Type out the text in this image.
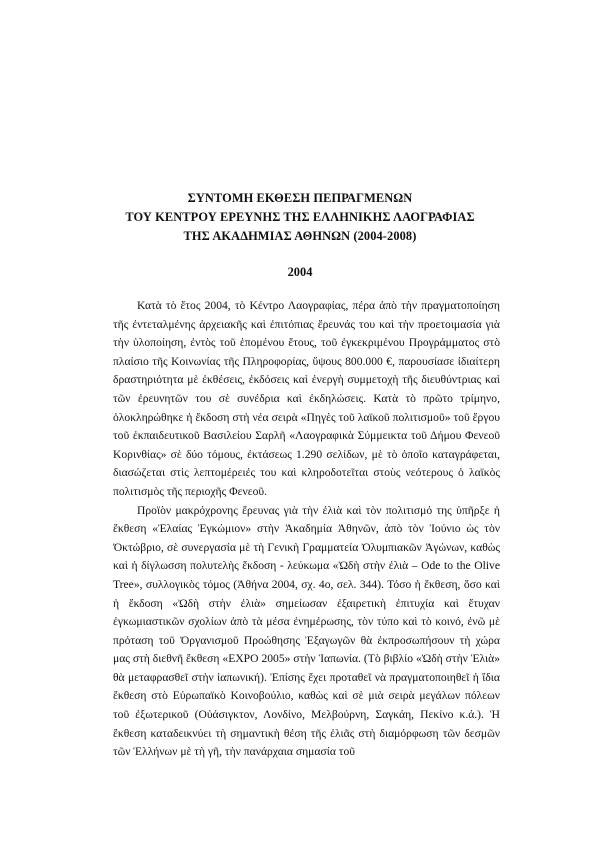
ΣΥΝΤΟΜΗ ΕΚΘΕΣΗ ΠΕΠΡΑΓΜΕΝΩΝ
ΤΟΥ ΚΕΝΤΡΟΥ ΕΡΕΥΝΗΣ ΤΗΣ ΕΛΛΗΝΙΚΗΣ ΛΑΟΓΡΑΦΙΑΣ
ΤΗΣ ΑΚΑΔΗΜΙΑΣ ΑΘΗΝΩΝ (2004-2008)
2004

Κατὰ τὸ ἔτος 2004, τὸ Κέντρο Λαογραφίας, πέρα ἀπὸ τὴν πραγματοποίηση τῆς ἐντεταλμένης ἀρχειακῆς καὶ ἐπιτόπιας ἔρευνάς του καὶ τὴν προετοιμασία γιὰ τὴν ὑλοποίηση, ἐντὸς τοῦ ἑπομένου ἔτους, τοῦ ἐγκεκριμένου Προγράμματος στὸ πλαίσιο τῆς Κοινωνίας τῆς Πληροφορίας, ὕψους 800.000 €, παρουσίασε ἰδιαίτερη δραστηριότητα μὲ ἐκθέσεις, ἐκδόσεις καὶ ἐνεργὴ συμμετοχὴ τῆς διευθύντριας καὶ τῶν ἐρευνητῶν του σὲ συνέδρια καὶ ἐκδηλώσεις. Κατὰ τὸ πρῶτο τρίμηνο, ὁλοκληρώθηκε ἡ ἔκδοση στὴ νέα σειρὰ «Πηγὲς τοῦ λαϊκοῦ πολιτισμοῦ» τοῦ ἔργου τοῦ ἐκπαιδευτικοῦ Βασιλείου Σαρλῆ «Λαογραφικὰ Σύμμεικτα τοῦ Δήμου Φενεοῦ Κορινθίας» σὲ δύο τόμους, ἐκτάσεως 1.290 σελίδων, μὲ τὸ ὁποῖο καταγράφεται, διασώζεται στὶς λεπτομέρειές του καὶ κληροδοτεῖται στοὺς νεότερους ὁ λαϊκὸς πολιτισμὸς τῆς περιοχῆς Φενεοῦ.

Προϊὸν μακρόχρονης ἔρευνας γιὰ τὴν ἐλιὰ καὶ τὸν πολιτισμό της ὑπῆρξε ἡ ἔκθεση «Ἐλαίας Ἐγκώμιον» στὴν Ἀκαδημία Ἀθηνῶν, ἀπὸ τὸν Ἰούνιο ὡς τὸν Ὀκτώβριο, σὲ συνεργασία μὲ τὴ Γενικὴ Γραμματεία Ὀλυμπιακῶν Ἀγώνων, καθὼς καὶ ἡ δίγλωσση πολυτελὴς ἔκδοση - λεύκωμα «Ὠδὴ στὴν ἐλιὰ – Ode to the Olive Tree», συλλογικὸς τόμος (Ἀθήνα 2004, σχ. 4ο, σελ. 344). Τόσο ἡ ἔκθεση, ὅσο καὶ ἡ ἔκδοση «Ὠδὴ στὴν ἐλιὰ» σημείωσαν ἐξαιρετικὴ ἐπιτυχία καὶ ἔτυχαν ἐγκωμιαστικῶν σχολίων ἀπὸ τὰ μέσα ἐνημέρωσης, τὸν τύπο καὶ τὸ κοινό, ἐνῶ μὲ πρόταση τοῦ Ὀργανισμοῦ Προώθησης Ἐξαγωγῶν θὰ ἐκπροσωπήσουν τὴ χώρα μας στὴ διεθνῆ ἔκθεση «EXPO 2005» στὴν Ἰαπωνία. (Τὸ βιβλίο «Ὠδὴ στὴν Ἐλιὰ» θὰ μεταφρασθεῖ στὴν ἰαπωνική). Ἐπίσης ἔχει προταθεῖ νὰ πραγματοποιηθεῖ ἡ ἴδια ἔκθεση στὸ Εὐρωπαϊκὸ Κοινοβούλιο, καθὼς καὶ σὲ μιὰ σειρὰ μεγάλων πόλεων τοῦ ἐξωτερικοῦ (Οὐάσιγκτον, Λονδίνο, Μελβούρνη, Σαγκάη, Πεκίνο κ.ά.). Ἡ ἔκθεση καταδεικνύει τὴ σημαντικὴ θέση τῆς ἐλιᾶς στὴ διαμόρφωση τῶν δεσμῶν τῶν Ἑλλήνων μὲ τὴ γῆ, τὴν πανάρχαια σημασία τοῦ
